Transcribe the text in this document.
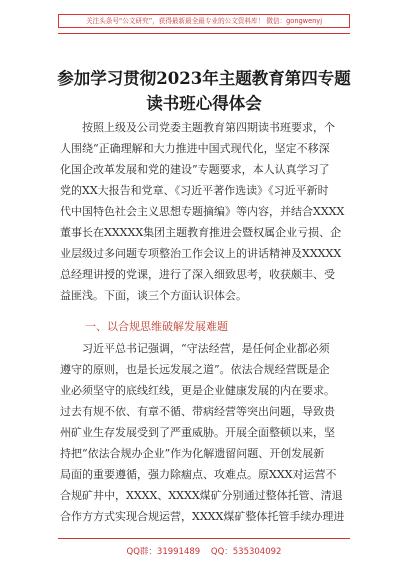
关注头条号“公文研究”，获得最新最全最专业的公文资料库！ 微信：gongwenyj
参加学习贯彻2023年主题教育第四专题
读书班心得体会
按照上级及公司党委主题教育第四期读书班要求，个
人围绕“正确理解和大力推进中国式现代化，坚定不移深
化国企改革发展和党的建设”专题要求，本人认真学习了
党的XX大报告和党章、《习近平著作选读》《习近平新时
代中国特色社会主义思想专题摘编》等内容，并结合XXXX
董事长在XXXXX集团主题教育推进会暨权属企业亏损、企
业层级过多问题专项整治工作会议上的讲话精神及XXXXX
总经理讲授的党课，进行了深入细致思考，收获颇丰、受
益匪浅。下面，谈三个方面认识体会。
一、以合规思维破解发展难题
习近平总书记强调，“守法经营，是任何企业都必须
遵守的原则，也是长远发展之道”。依法合规经营既是企
业必须坚守的底线红线，更是企业健康发展的内在要求。
过去有规不依、有章不循、带病经营等突出问题，导致贵
州矿业生存发展受到了严重威胁。开展全面整顿以来，坚
持把“依法合规办企业”作为化解遗留问题、开创发展新
局面的重要遵循，强力除痼点、攻难点。原XXX对运营不
合规矿井中，XXXX、XXXX煤矿分别通过整体托管、清退
合作方方式实现合规运营，XXXX煤矿整体托管手续办理进
QQ群：31991489 QQ：535304092
